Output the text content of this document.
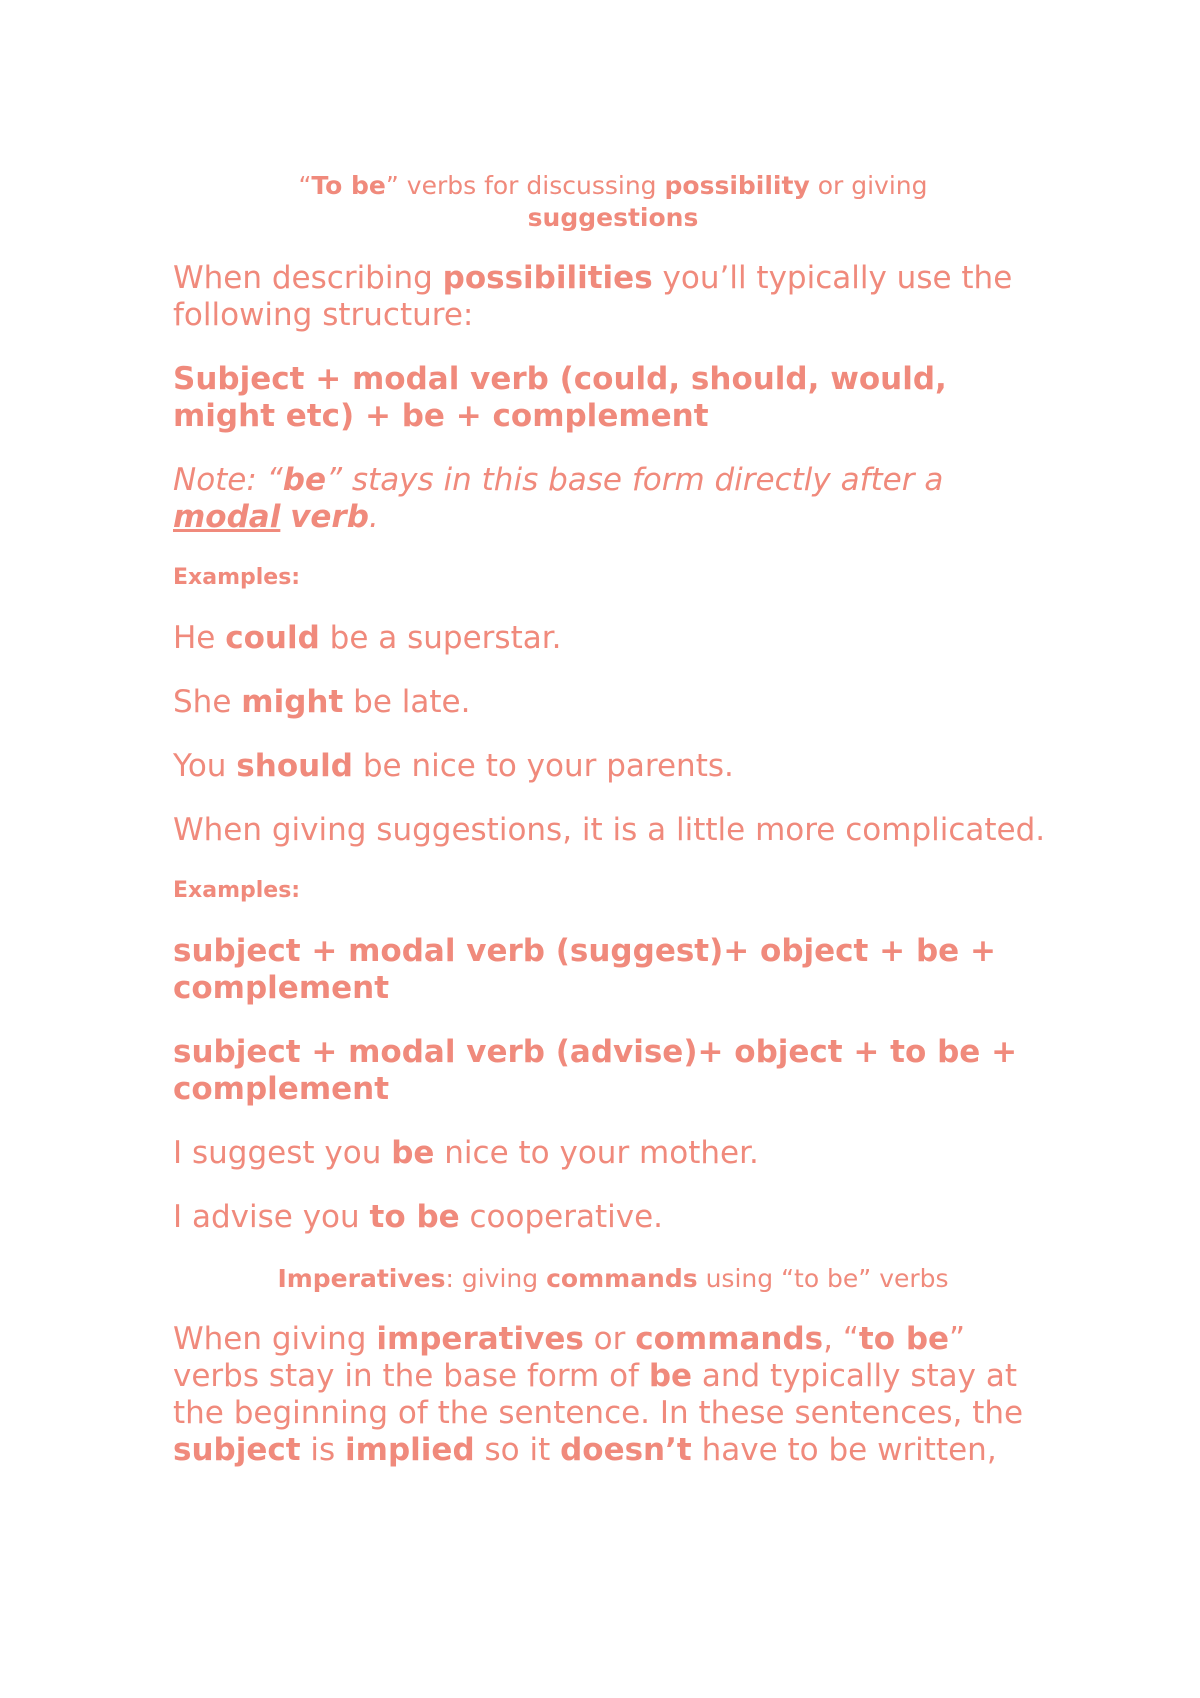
“To be” verbs for discussing possibility or giving
suggestions

When describing possibilities you’ll typically use the following structure:

Subject + modal verb (could, should, would, might etc) + be + complement

Note: “be” stays in this base form directly after a modal verb.

Examples:

He could be a superstar.

She might be late.

You should be nice to your parents.

When giving suggestions, it is a little more complicated.

Examples:

subject + modal verb (suggest)+ object + be + complement

subject + modal verb (advise)+ object + to be + complement

I suggest you be nice to your mother.

I advise you to be cooperative.

Imperatives: giving commands using “to be” verbs

When giving imperatives or commands, “to be” verbs stay in the base form of be and typically stay at the beginning of the sentence. In these sentences, the subject is implied so it doesn’t have to be written,
